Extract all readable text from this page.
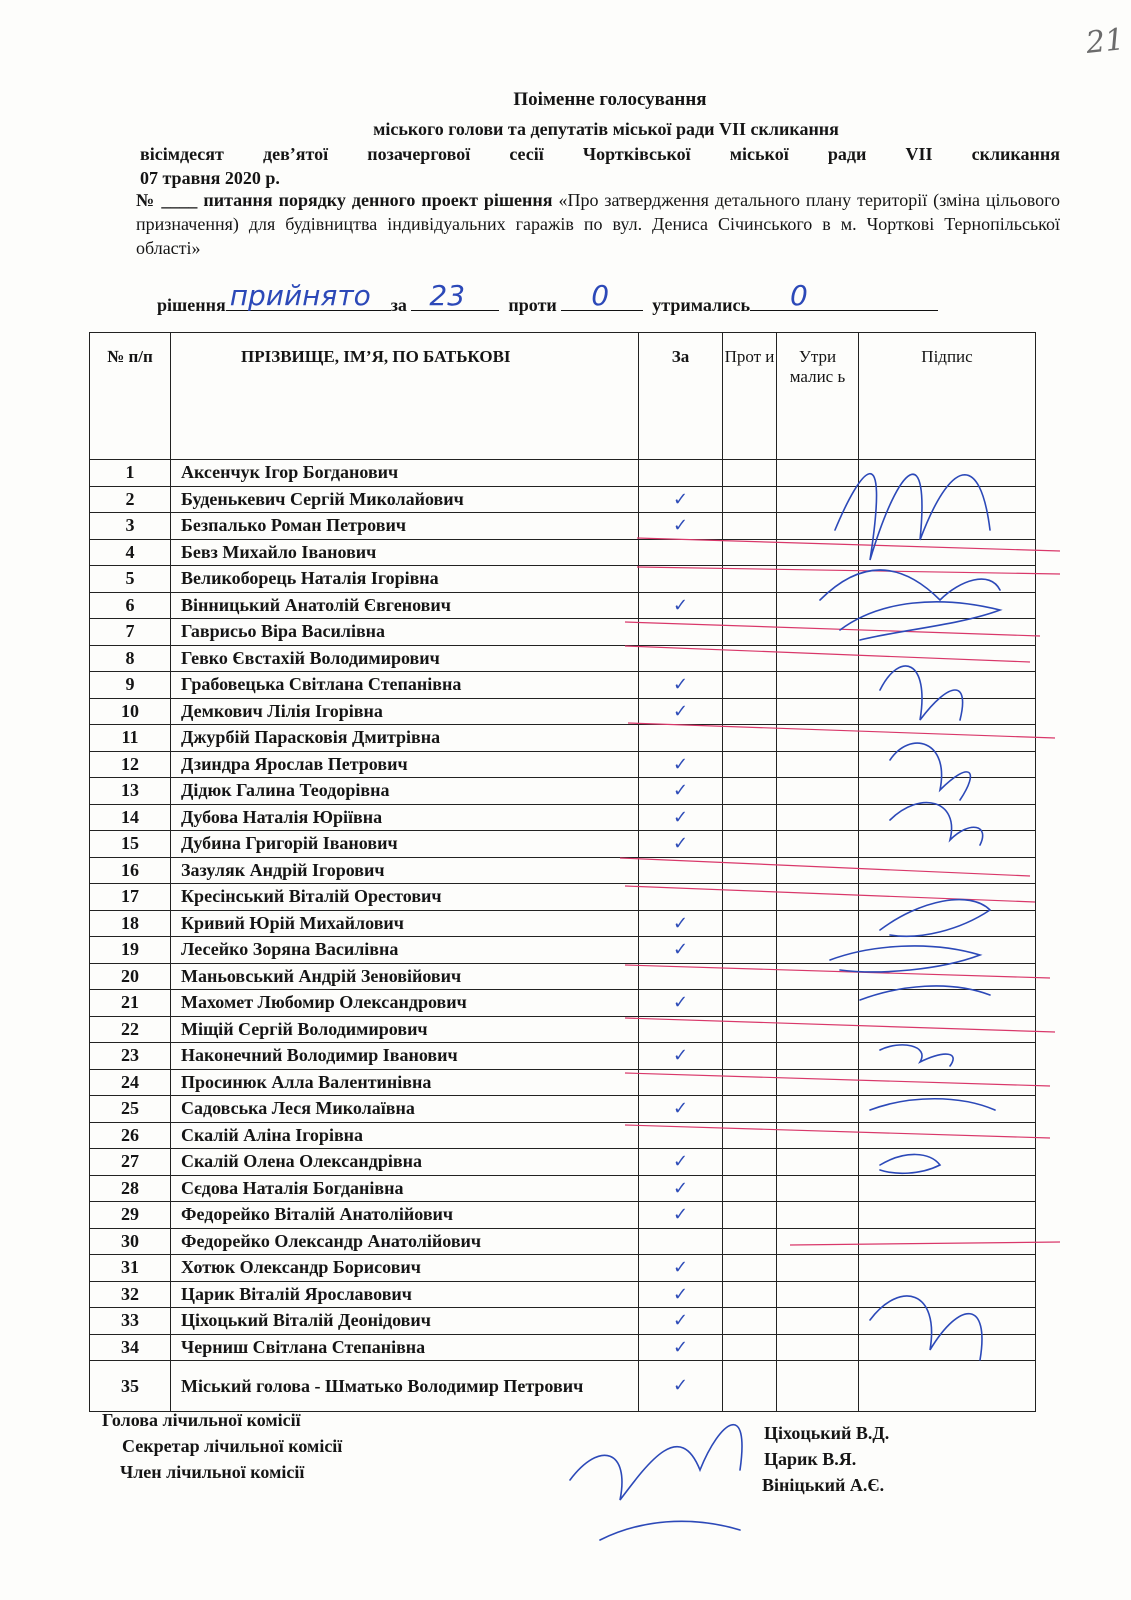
21
Поіменне голосування
міського голови та депутатів міської ради VII скликання
вісімдесят дев’ятої позачергової сесії Чортківської міської ради VII скликання
07 травня 2020 р.
№ ____ питання порядку денного проект рішення «Про затвердження детального плану території (зміна цільового призначення) для будівництва індивідуальних гаражів по вул. Дениса Січинського в м. Чорткові Тернопільської області»
рішення прийнято за 23 проти 0 утримались 0
№ п/п	ПРІЗВИЩЕ, ІМ’Я, ПО БАТЬКОВІ	За	Прот и	Утри малис ь	Підпис
1	Аксенчук Ігор Богданович				
2	Буденькевич Сергій Миколайович	✓			
3	Безпалько Роман Петрович	✓			
4	Бевз Михайло Іванович				
5	Великоборець Наталія Ігорівна				
6	Вінницький Анатолій Євгенович	✓			
7	Гаврисьо Віра Василівна				
8	Гевко Євстахій Володимирович				
9	Грабовецька Світлана Степанівна	✓			
10	Демкович Лілія Ігорівна	✓			
11	Джурбій Парасковія Дмитрівна				
12	Дзиндра Ярослав Петрович	✓			
13	Дідюк Галина Теодорівна	✓			
14	Дубова Наталія Юріївна	✓			
15	Дубина Григорій Іванович	✓			
16	Зазуляк Андрій Ігорович				
17	Кресінський Віталій Орестович				
18	Кривий Юрій Михайлович	✓			
19	Лесейко Зоряна Василівна	✓			
20	Маньовський Андрій Зеновійович				
21	Махомет Любомир Олександрович	✓			
22	Міщій Сергій Володимирович				
23	Наконечний Володимир Іванович	✓			
24	Просинюк Алла Валентинівна				
25	Садовська Леся Миколаївна	✓			
26	Скалій Аліна Ігорівна				
27	Скалій Олена Олександрівна	✓			
28	Сєдова Наталія Богданівна	✓			
29	Федорейко Віталій Анатолійович	✓			
30	Федорейко Олександр Анатолійович				
31	Хотюк Олександр Борисович	✓			
32	Царик Віталій Ярославович	✓			
33	Ціхоцький Віталій Деонідович	✓			
34	Черниш Світлана Степанівна	✓			
35	Міський голова - Шматько Володимир Петрович	✓			
Голова лічильної комісії
Секретар лічильної комісії
Член лічильної комісії
Ціхоцький В.Д.
Царик В.Я.
Вініцький А.Є.
